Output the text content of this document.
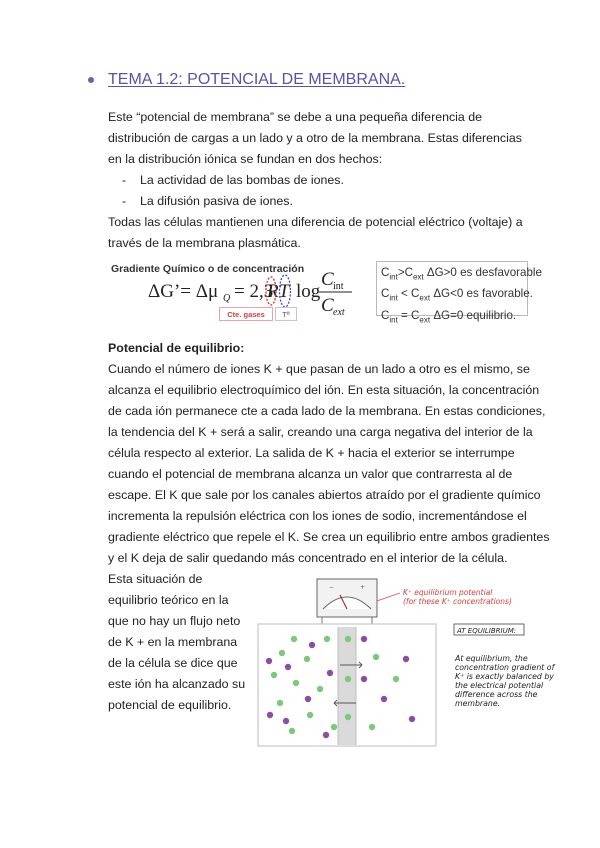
TEMA 1.2: POTENCIAL DE MEMBRANA.
Este “potencial de membrana” se debe a una pequeña diferencia de
distribución de cargas a un lado y a otro de la membrana. Estas diferencias
en la distribución iónica se fundan en dos hechos:
- La actividad de las bombas de iones.
- La difusión pasiva de iones.
Todas las células mantienen una diferencia de potencial eléctrico (voltaje) a
través de la membrana plasmática.
Gradiente Químico o de concentración
ΔG’= Δμ Q = 2,3
RT log
C int
C ext
Cte. gases	Tª
$C_{int}>C_{ext}$ ΔG>0 es desfavorable
$C_{int} < C_{ext}$ ΔG<0 es favorable.
$C_{int} = C_{ext}$ ΔG=0 equilibrio.
Potencial de equilibrio:
Cuando el número de iones K + que pasan de un lado a otro es el mismo, se
alcanza el equilibrio electroquímico del ión. En esta situación, la concentración
de cada ión permanece cte a cada lado de la membrana. En estas condiciones,
la tendencia del K + será a salir, creando una carga negativa del interior de la
célula respecto al exterior. La salida de K + hacia el exterior se interrumpe
cuando el potencial de membrana alcanza un valor que contrarresta al de
escape. El K que sale por los canales abiertos atraído por el gradiente químico
incrementa la repulsión eléctrica con los iones de sodio, incrementándose el
gradiente eléctrico que repele el K. Se crea un equilibrio entre ambos gradientes
y el K deja de salir quedando más concentrado en el interior de la célula.
Esta situación de
equilibrio teórico en la
que no hay un flujo neto
de K + en la membrana
de la célula se dice que
este ión ha alcanzado su
potencial de equilibrio.
−	+
K⁺ equilibrium potential
(for these K⁺ concentrations)
AT EQUILIBRIUM:
At equilibrium, the
concentration gradient of
K⁺ is exactly balanced by
the electrical potential
difference across the
membrane.
